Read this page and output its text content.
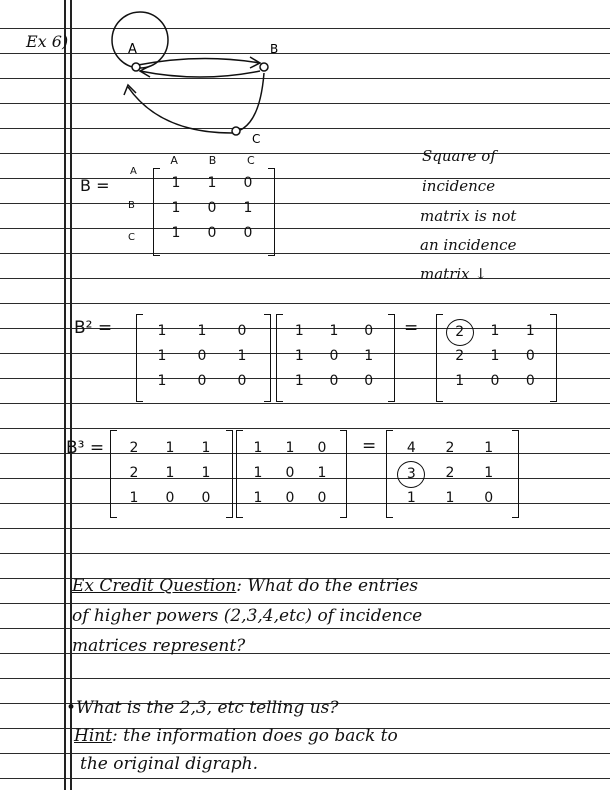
Ex 6)	A	B
C
B =
A	B	C
A
B
C
1	1	0
1	0	1
1	0	0
Square of
incidence
matrix is not
an incidence
matrix ↓
B² =	1	1	0
1	0	1
1	0	0
1	1	0
1	0	1
1	0	0
=	2	1	1
2	1	0
1	0	0
B³ =	2	1	1
2	1	1
1	0	0
1	1	0
1	0	1
1	0	0
=	4	2	1
3	2	1
1	1	0
Ex Credit Question: What do the entries
of higher powers (2,3,4,etc) of incidence
matrices represent?
•What is the 2,3, etc telling us?
Hint: the information does go back to
the original digraph.
